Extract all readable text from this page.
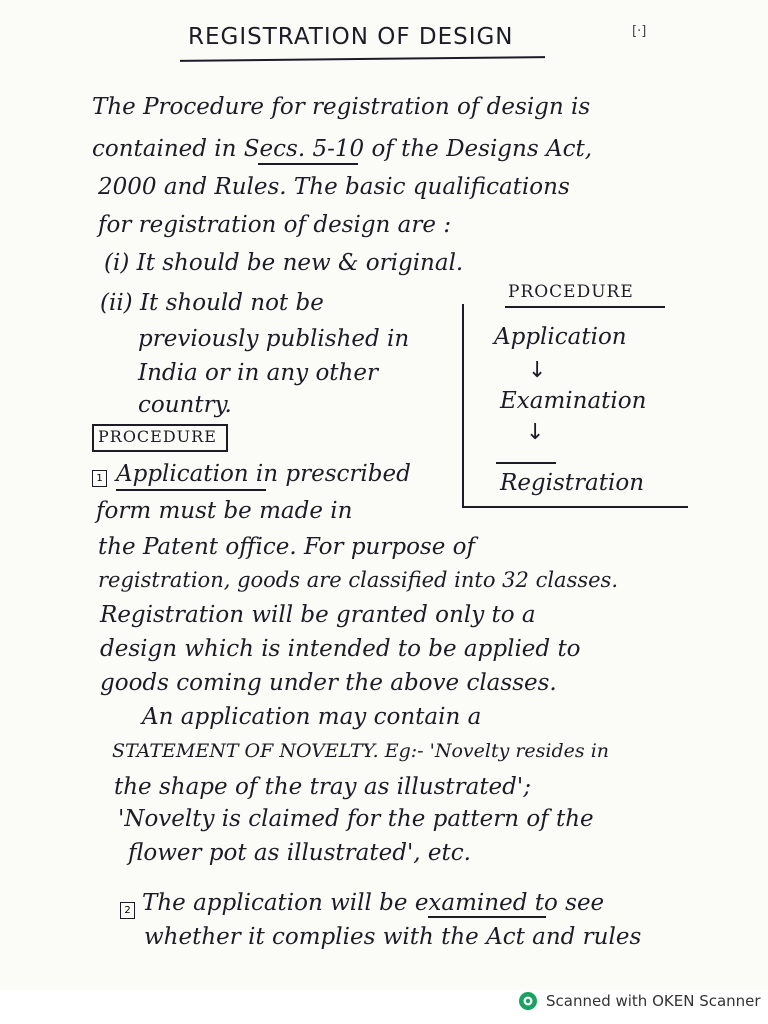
REGISTRATION OF DESIGN	[·]
The Procedure for registration of design is
contained in Secs. 5-10 of the Designs Act,
2000 and Rules. The basic qualifications
for registration of design are :
(i) It should be new & original.
(ii) It should not be
previously published in
India or in any other
country.
PROCEDURE
Application
↓
Examination
↓
Registration
PROCEDURE
1 Application in prescribed
form must be made in
the Patent office. For purpose of
registration, goods are classified into 32 classes.
Registration will be granted only to a
design which is intended to be applied to
goods coming under the above classes.
An application may contain a
STATEMENT OF NOVELTY. Eg:- 'Novelty resides in
the shape of the tray as illustrated';
'Novelty is claimed for the pattern of the
flower pot as illustrated', etc.
2 The application will be examined to see
whether it complies with the Act and rules
Scanned with OKEN Scanner
